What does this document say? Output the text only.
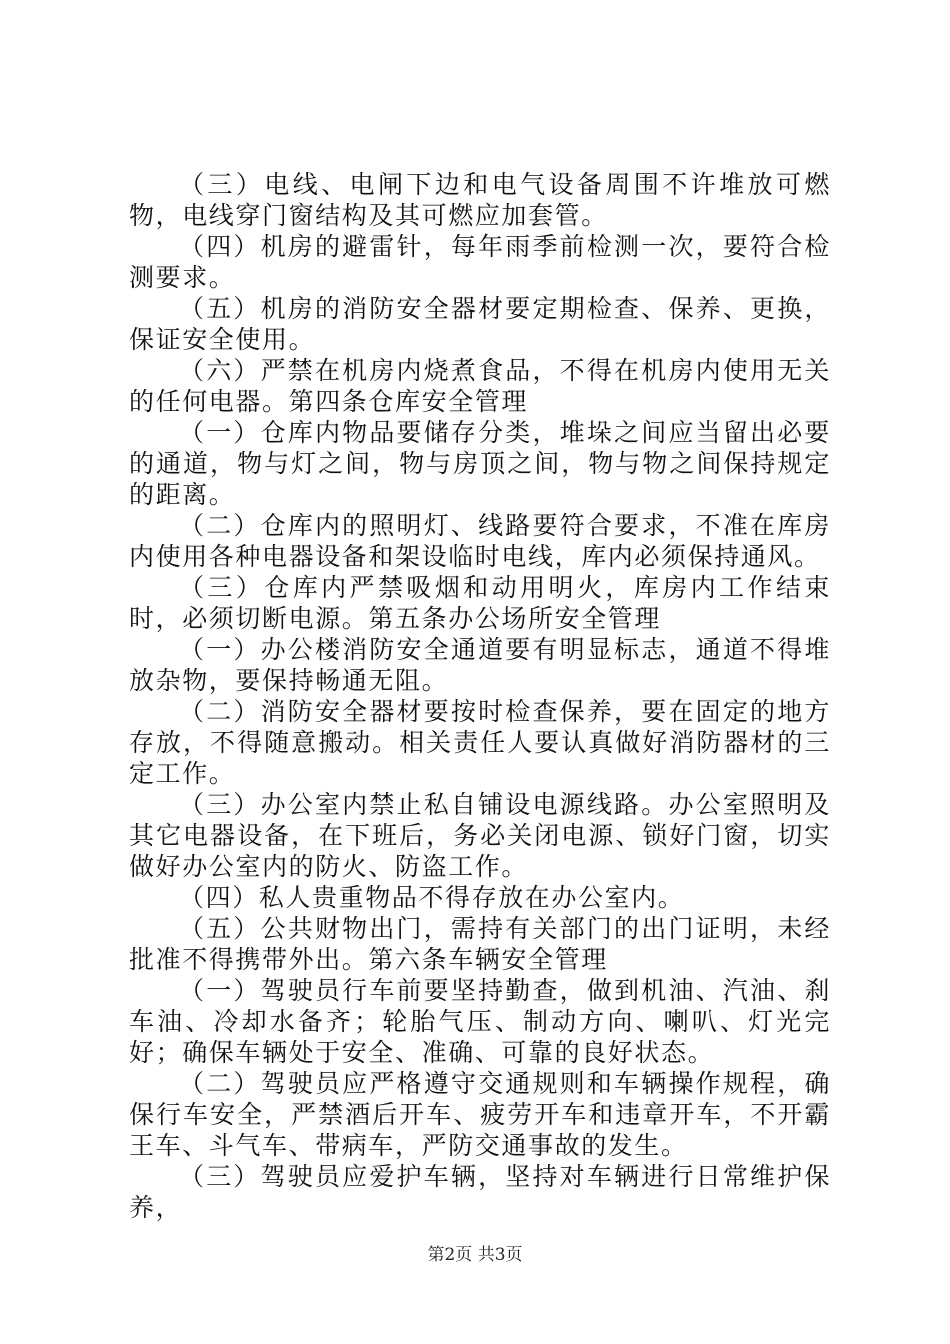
（三）电线、电闸下边和电气设备周围不许堆放可燃物，电线穿门窗结构及其可燃应加套管。

（四）机房的避雷针，每年雨季前检测一次，要符合检测要求。

（五）机房的消防安全器材要定期检查、保养、更换，保证安全使用。

（六）严禁在机房内烧煮食品，不得在机房内使用无关的任何电器。第四条仓库安全管理

（一）仓库内物品要储存分类，堆垛之间应当留出必要的通道，物与灯之间，物与房顶之间，物与物之间保持规定的距离。

（二）仓库内的照明灯、线路要符合要求，不准在库房内使用各种电器设备和架设临时电线，库内必须保持通风。

（三）仓库内严禁吸烟和动用明火，库房内工作结束时，必须切断电源。第五条办公场所安全管理

（一）办公楼消防安全通道要有明显标志，通道不得堆放杂物，要保持畅通无阻。

（二）消防安全器材要按时检查保养，要在固定的地方存放，不得随意搬动。相关责任人要认真做好消防器材的三定工作。

（三）办公室内禁止私自铺设电源线路。办公室照明及其它电器设备，在下班后，务必关闭电源、锁好门窗，切实做好办公室内的防火、防盗工作。

（四）私人贵重物品不得存放在办公室内。

（五）公共财物出门，需持有关部门的出门证明，未经批准不得携带外出。第六条车辆安全管理

（一）驾驶员行车前要坚持勤查，做到机油、汽油、刹车油、冷却水备齐；轮胎气压、制动方向、喇叭、灯光完好；确保车辆处于安全、准确、可靠的良好状态。

（二）驾驶员应严格遵守交通规则和车辆操作规程，确保行车安全，严禁酒后开车、疲劳开车和违章开车，不开霸王车、斗气车、带病车，严防交通事故的发生。

（三）驾驶员应爱护车辆，坚持对车辆进行日常维护保养，

第2页 共3页
